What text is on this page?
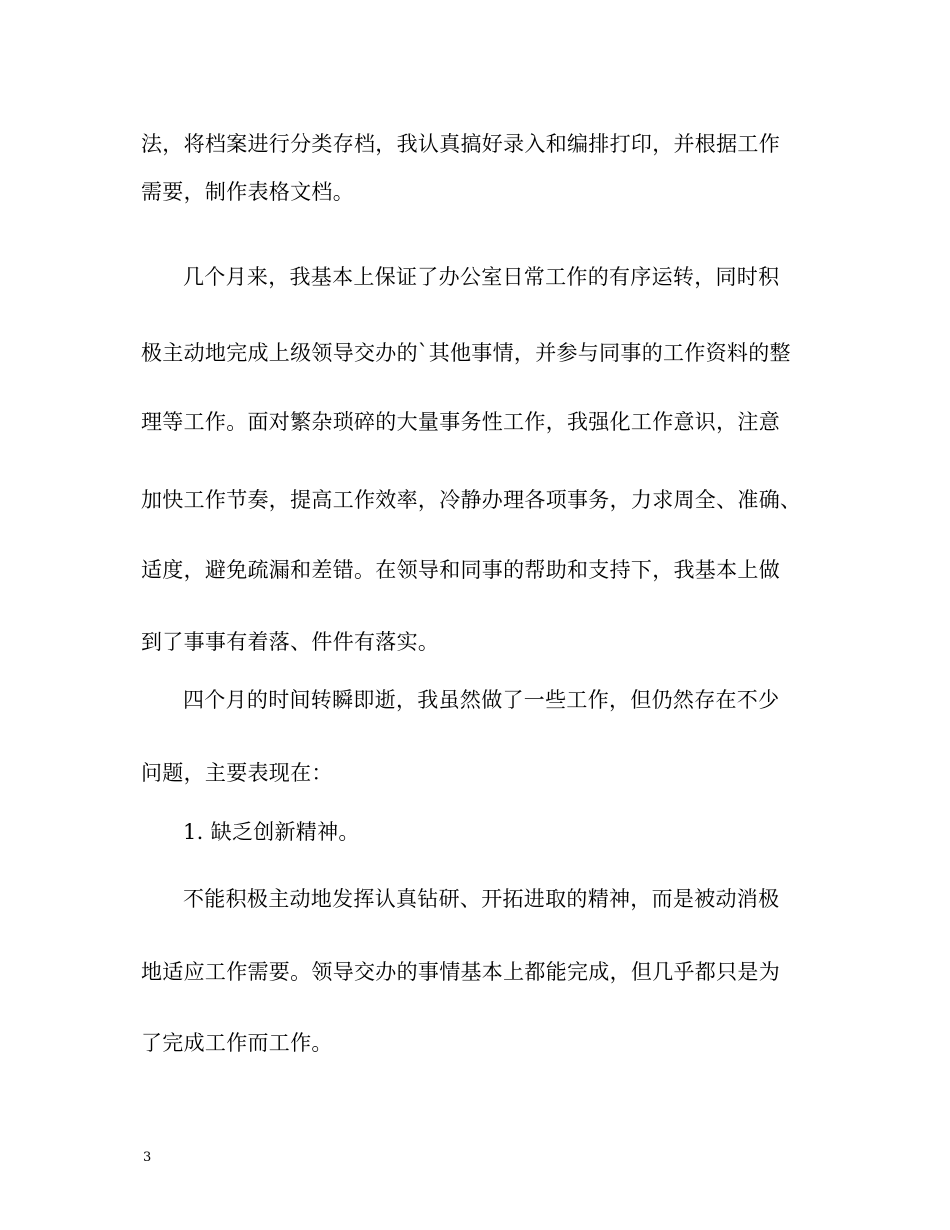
法，将档案进行分类存档，我认真搞好录入和编排打印，并根据工作
需要，制作表格文档。
几个月来，我基本上保证了办公室日常工作的有序运转，同时积
极主动地完成上级领导交办的`其他事情，并参与同事的工作资料的整
理等工作。面对繁杂琐碎的大量事务性工作，我强化工作意识，注意
加快工作节奏，提高工作效率，冷静办理各项事务，力求周全、准确、
适度，避免疏漏和差错。在领导和同事的帮助和支持下，我基本上做
到了事事有着落、件件有落实。
四个月的时间转瞬即逝，我虽然做了一些工作，但仍然存在不少
问题，主要表现在：
1. 缺乏创新精神。
不能积极主动地发挥认真钻研、开拓进取的精神，而是被动消极
地适应工作需要。领导交办的事情基本上都能完成，但几乎都只是为
了完成工作而工作。
3
